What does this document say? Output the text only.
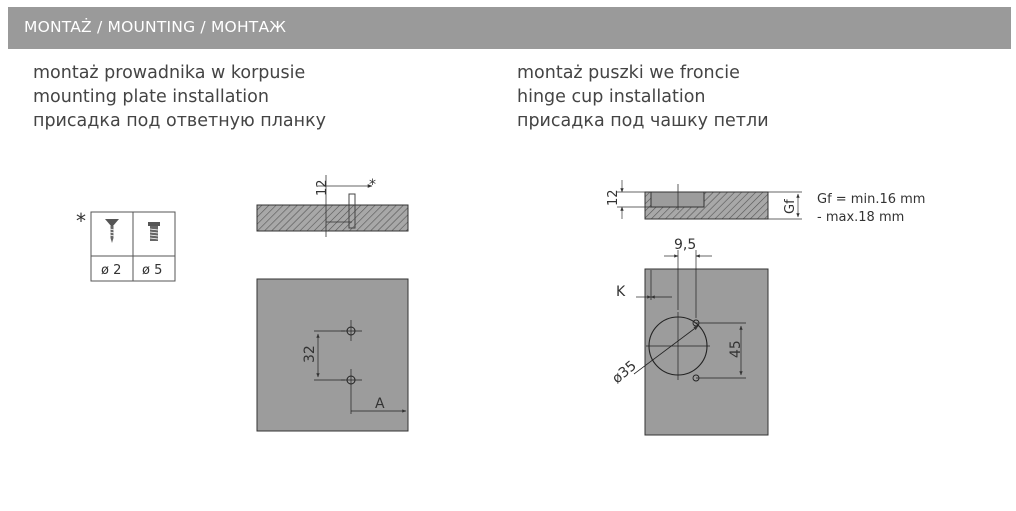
MONTAŻ / MOUNTING / МОНТАЖ
montaż prowadnika w korpusie
mounting plate installation
присадка под ответную планку
montaż puszki we froncie
hinge cup installation
присадка под чашку петли
*
ø 2 ø 5
12	*
32
A
12
Gf Gf = min.16 mm
- max.18 mm
9,5
K
ø35
45
